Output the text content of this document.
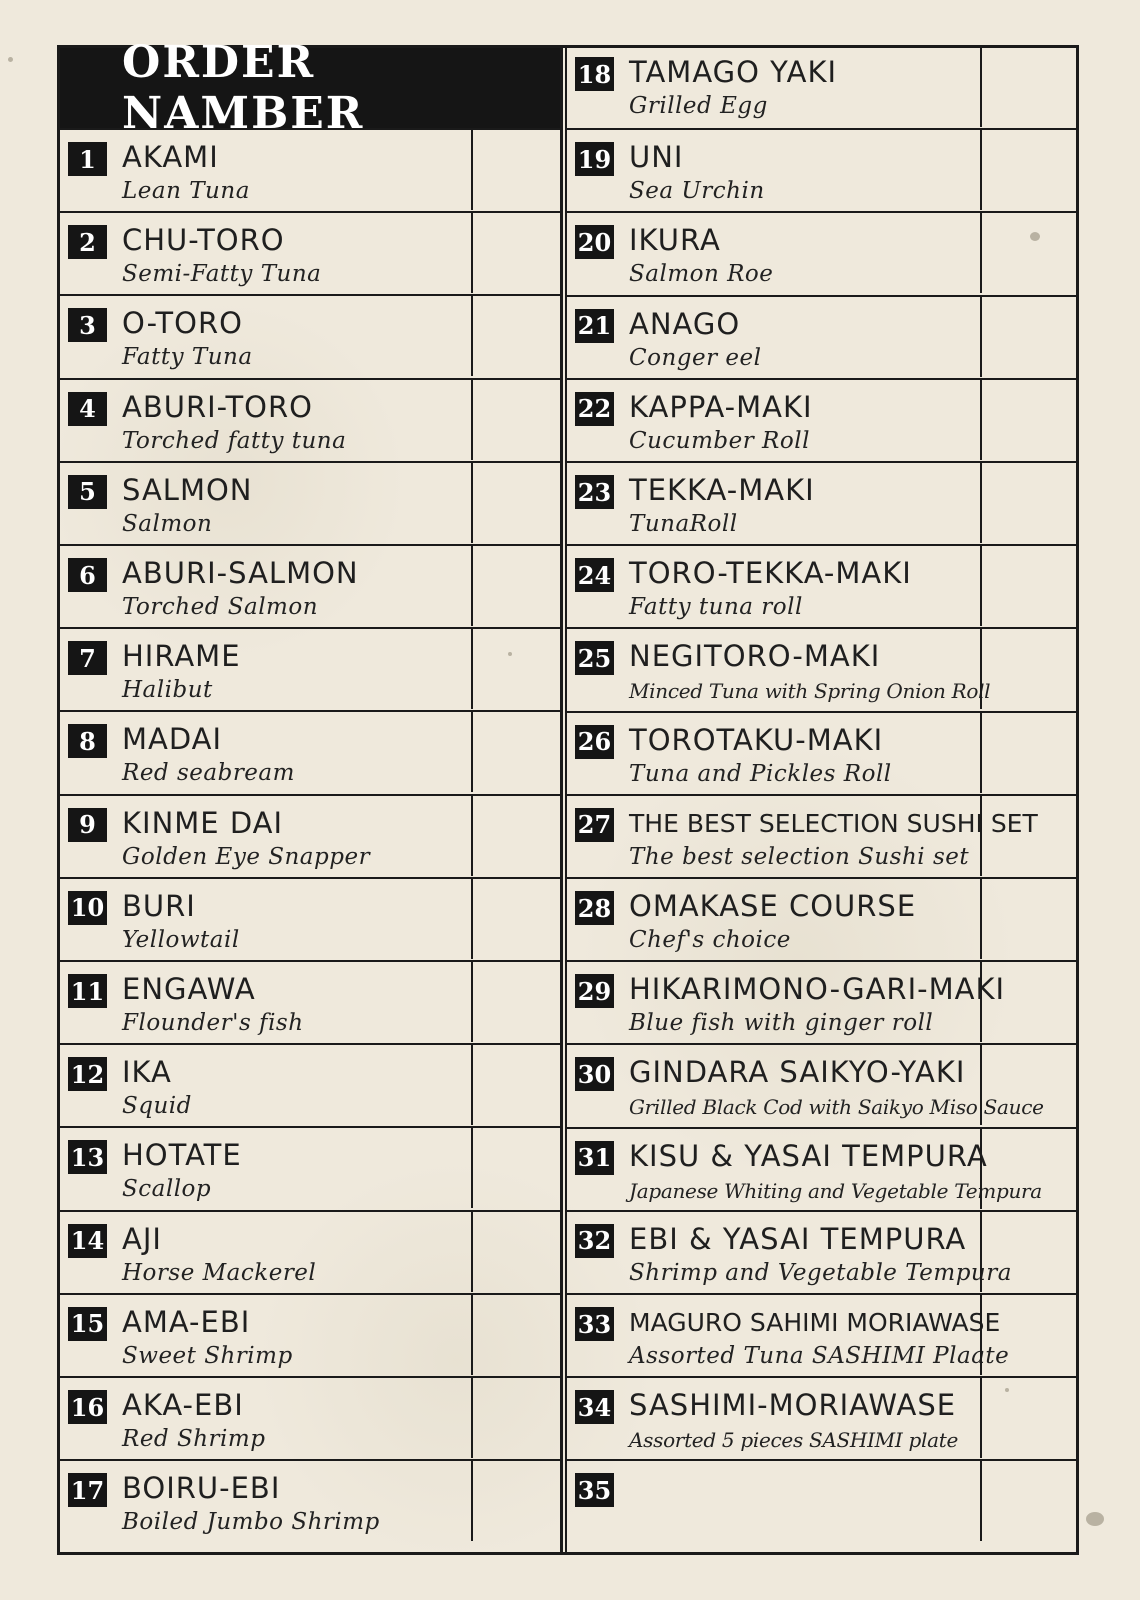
ORDER NAMBER
1 AKAMI
Lean Tuna
2 CHU-TORO
Semi-Fatty Tuna
3 O-TORO
Fatty Tuna
4 ABURI-TORO
Torched fatty tuna
5 SALMON
Salmon
6 ABURI-SALMON
Torched Salmon
7 HIRAME
Halibut
8 MADAI
Red seabream
9 KINME DAI
Golden Eye Snapper
10 BURI
Yellowtail
11 ENGAWA
Flounder's fish
12 IKA
Squid
13 HOTATE
Scallop
14 AJI
Horse Mackerel
15 AMA-EBI
Sweet Shrimp
16 AKA-EBI
Red Shrimp
17 BOIRU-EBI
Boiled Jumbo Shrimp
18 TAMAGO YAKI
Grilled Egg
19 UNI
Sea Urchin
20 IKURA
Salmon Roe
21 ANAGO
Conger eel
22 KAPPA-MAKI
Cucumber Roll
23 TEKKA-MAKI
TunaRoll
24 TORO-TEKKA-MAKI
Fatty tuna roll
25 NEGITORO-MAKI
Minced Tuna with Spring Onion Roll
26 TOROTAKU-MAKI
Tuna and Pickles Roll
27 THE BEST SELECTION SUSHI SET
The best selection Sushi set
28 OMAKASE COURSE
Chef's choice
29 HIKARIMONO-GARI-MAKI
Blue fish with ginger roll
30 GINDARA SAIKYO-YAKI
Grilled Black Cod with Saikyo Miso Sauce
31 KISU & YASAI TEMPURA
Japanese Whiting and Vegetable Tempura
32 EBI & YASAI TEMPURA
Shrimp and Vegetable Tempura
33 MAGURO SAHIMI MORIAWASE
Assorted Tuna SASHIMI Plaate
34 SASHIMI-MORIAWASE
Assorted 5 pieces SASHIMI plate
35
